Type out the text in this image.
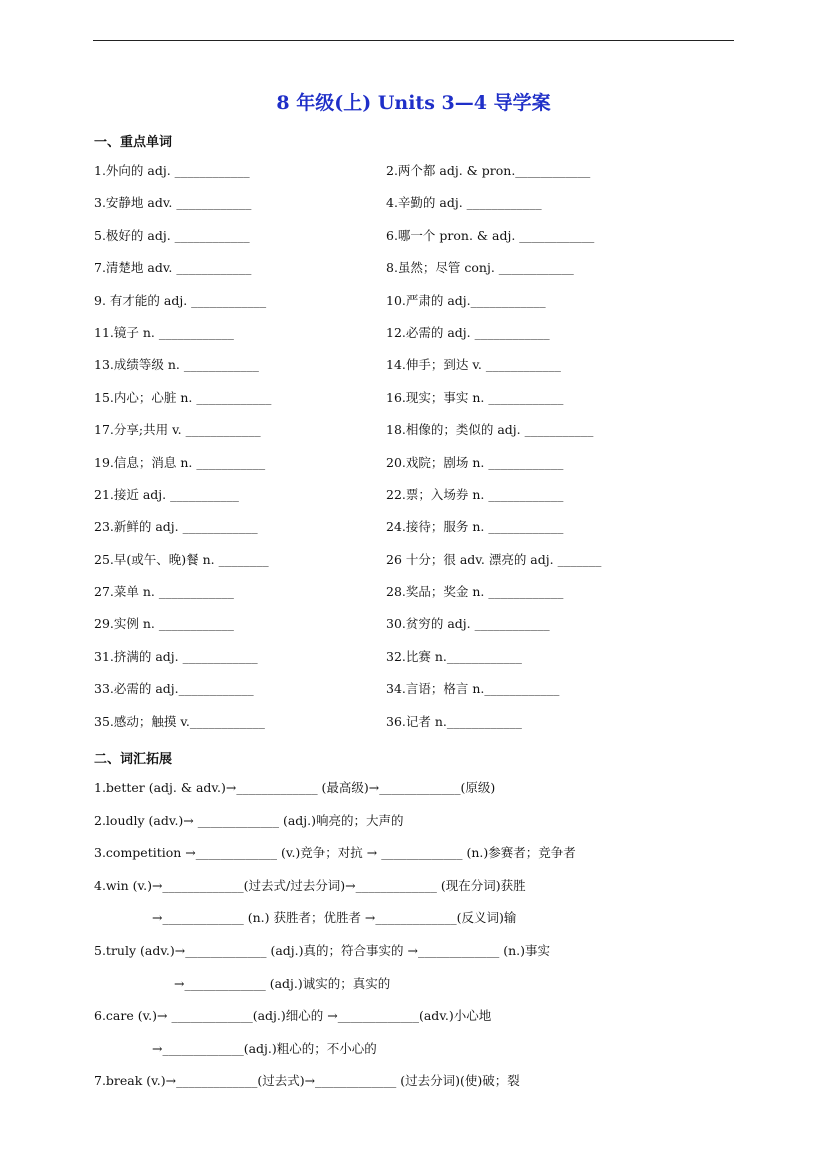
8 年级(上) Units 3—4 导学案
一、重点单词
1.外向的 adj. ____________	2.两个都 adj. & pron.____________
3.安静地 adv. ____________	4.辛勤的 adj. ____________
5.极好的 adj. ____________	6.哪一个 pron. & adj. ____________
7.清楚地 adv. ____________	8.虽然；尽管 conj. ____________
9. 有才能的 adj. ____________	10.严肃的 adj.____________
11.镜子 n. ____________	12.必需的 adj. ____________
13.成绩等级 n. ____________	14.伸手；到达 v. ____________
15.内心；心脏 n. ____________	16.现实；事实 n. ____________
17.分享;共用 v. ____________	18.相像的；类似的 adj. ___________
19.信息；消息 n. ___________	20.戏院；剧场 n. ____________
21.接近 adj. ___________	22.票；入场券 n. ____________
23.新鲜的 adj. ____________	24.接待；服务 n. ____________
25.早(或午、晚)餐 n. ________	26 十分；很 adv. 漂亮的 adj. _______
27.菜单 n. ____________	28.奖品；奖金 n. ____________
29.实例 n. ____________	30.贫穷的 adj. ____________
31.挤满的 adj. ____________	32.比赛 n.____________
33.必需的 adj.____________	34.言语；格言 n.____________
35.感动；触摸 v.____________	36.记者 n.____________
二、词汇拓展
1.better (adj. & adv.)→_____________ (最高级)→_____________(原级)
2.loudly (adv.)→ _____________ (adj.)响亮的；大声的
3.competition →_____________ (v.)竞争；对抗 → _____________ (n.)参赛者；竞争者
4.win (v.)→_____________(过去式/过去分词)→_____________ (现在分词)获胜
→_____________ (n.) 获胜者；优胜者 →_____________(反义词)输
5.truly (adv.)→_____________ (adj.)真的；符合事实的 →_____________ (n.)事实
→_____________ (adj.)诚实的；真实的
6.care (v.)→ _____________(adj.)细心的 →_____________(adv.)小心地
→_____________(adj.)粗心的；不小心的
7.break (v.)→_____________(过去式)→_____________ (过去分词)(使)破；裂
